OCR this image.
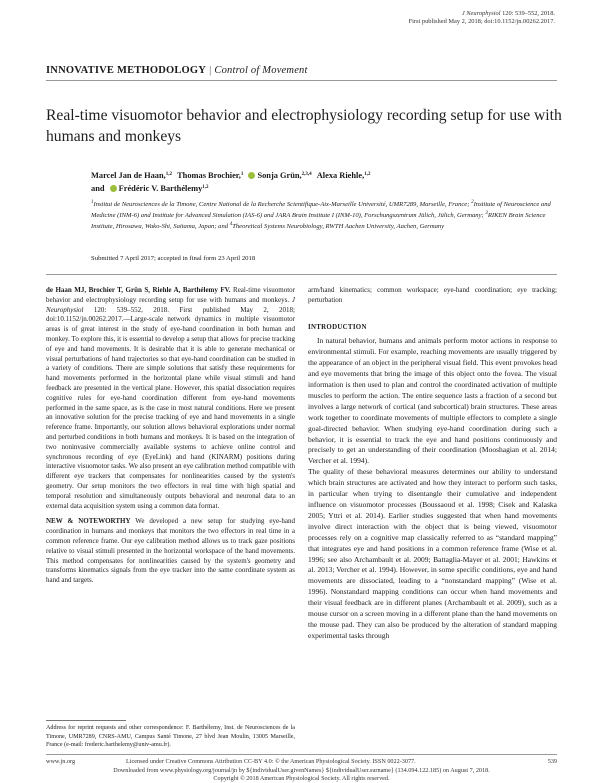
J Neurophysiol 120: 539–552, 2018.
First published May 2, 2018; doi:10.1152/jn.00262.2017.
INNOVATIVE METHODOLOGY | Control of Movement
Real-time visuomotor behavior and electrophysiology recording setup for use with humans and monkeys
Marcel Jan de Haan,$^{1,2}$ Thomas Brochier,$^1$ Sonja Grün,$^{2,3,4}$ Alexa Riehle,$^{1,2}$
and Frédéric V. Barthélemy$^{1,2}$
$^1$Institut de Neurosciences de la Timone, Centre National de la Recherche Scientifique-Aix-Marseille Université, UMR7289, Marseille, France; $^2$Institute of Neuroscience and Medicine (INM-6) and Institute for Advanced Simulation (IAS-6) and JARA Brain Institute I (INM-10), Forschungszentrum Jülich, Jülich, Germany; $^3$RIKEN Brain Science Institute, Hirosawa, Wako-Shi, Saitama, Japan; and $^4$Theoretical Systems Neurobiology, RWTH Aachen University, Aachen, Germany
Submitted 7 April 2017; accepted in final form 23 April 2018

de Haan MJ, Brochier T, Grün S, Riehle A, Barthélemy FV. Real-time visuomotor behavior and electrophysiology recording setup for use with humans and monkeys. J Neurophysiol 120: 539–552, 2018. First published May 2, 2018; doi:10.1152/jn.00262.2017.—Large-scale network dynamics in multiple visuomotor areas is of great interest in the study of eye-hand coordination in both human and monkey. To explore this, it is essential to develop a setup that allows for precise tracking of eye and hand movements. It is desirable that it is able to generate mechanical or visual perturbations of hand trajectories so that eye-hand coordination can be studied in a variety of conditions. There are simple solutions that satisfy these requirements for hand movements performed in the horizontal plane while visual stimuli and hand feedback are presented in the vertical plane. However, this spatial dissociation requires cognitive rules for eye-hand coordination different from eye-hand movements performed in the same space, as is the case in most natural conditions. Here we present an innovative solution for the precise tracking of eye and hand movements in a single reference frame. Importantly, our solution allows behavioral explorations under normal and perturbed conditions in both humans and monkeys. It is based on the integration of two noninvasive commercially available systems to achieve online control and synchronous recording of eye (EyeLink) and hand (KINARM) positions during interactive visuomotor tasks. We also present an eye calibration method compatible with different eye trackers that compensates for nonlinearities caused by the system's geometry. Our setup monitors the two effectors in real time with high spatial and temporal resolution and simultaneously outputs behavioral and neuronal data to an external data acquisition system using a common data format.

NEW & NOTEWORTHY We developed a new setup for studying eye-hand coordination in humans and monkeys that monitors the two effectors in real time in a common reference frame. Our eye calibration method allows us to track gaze positions relative to visual stimuli presented in the horizontal workspace of the hand movements. This method compensates for nonlinearities caused by the system's geometry and transforms kinematics signals from the eye tracker into the same coordinate system as hand and targets.

Address for reprint requests and other correspondence: F. Barthélemy, Inst. de Neurosciences de la Timone, UMR7289, CNRS-AMU, Campus Santé Timone, 27 blvd Jean Moulin, 13005 Marseille, France (e-mail: frederic.barthelemy@univ-amu.fr).

arm/hand kinematics; common workspace; eye-hand coordination; eye tracking; perturbation

INTRODUCTION

In natural behavior, humans and animals perform motor actions in response to environmental stimuli. For example, reaching movements are usually triggered by the appearance of an object in the peripheral visual field. This event provokes head and eye movements that bring the image of this object onto the fovea. The visual information is then used to plan and control the coordinated activation of multiple muscles to perform the action. The entire sequence lasts a fraction of a second but involves a large network of cortical (and subcortical) brain structures. These areas work together to coordinate movements of multiple effectors to complete a single goal-directed behavior. When studying eye-hand coordination during such a behavior, it is essential to track the eye and hand positions continuously and precisely to get an understanding of their coordination (Mooshagian et al. 2014; Vercher et al. 1994).

The quality of these behavioral measures determines our ability to understand which brain structures are activated and how they interact to perform such tasks, in particular when trying to disentangle their cumulative and independent influence on visuomotor processes (Boussaoud et al. 1998; Cisek and Kalaska 2005; Yttri et al. 2014). Earlier studies suggested that when hand movements involve direct interaction with the object that is being viewed, visuomotor processes rely on a cognitive map classically referred to as “standard mapping” that integrates eye and hand positions in a common reference frame (Wise et al. 1996; see also Archambault et al. 2009; Battaglia-Mayer et al. 2001; Hawkins et al. 2013; Vercher et al. 1994). However, in some specific conditions, eye and hand movements are dissociated, leading to a “nonstandard mapping” (Wise et al. 1996). Nonstandard mapping conditions can occur when hand movements and their visual feedback are in different planes (Archambault et al. 2009), such as a mouse cursor on a screen moving in a different plane than the hand movements on the mouse pad. They can also be produced by the alteration of standard mapping experimental tasks through

www.jn.org	Licensed under Creative Commons Attribution CC-BY 4.0: © the American Physiological Society. ISSN 0022-3077.	539
Downloaded from www.physiology.org/journal/jn by ${individualUser.givenNames} ${individualUser.surname} (134.094.122.185) on August 7, 2018.
Copyright © 2018 American Physiological Society. All rights reserved.
